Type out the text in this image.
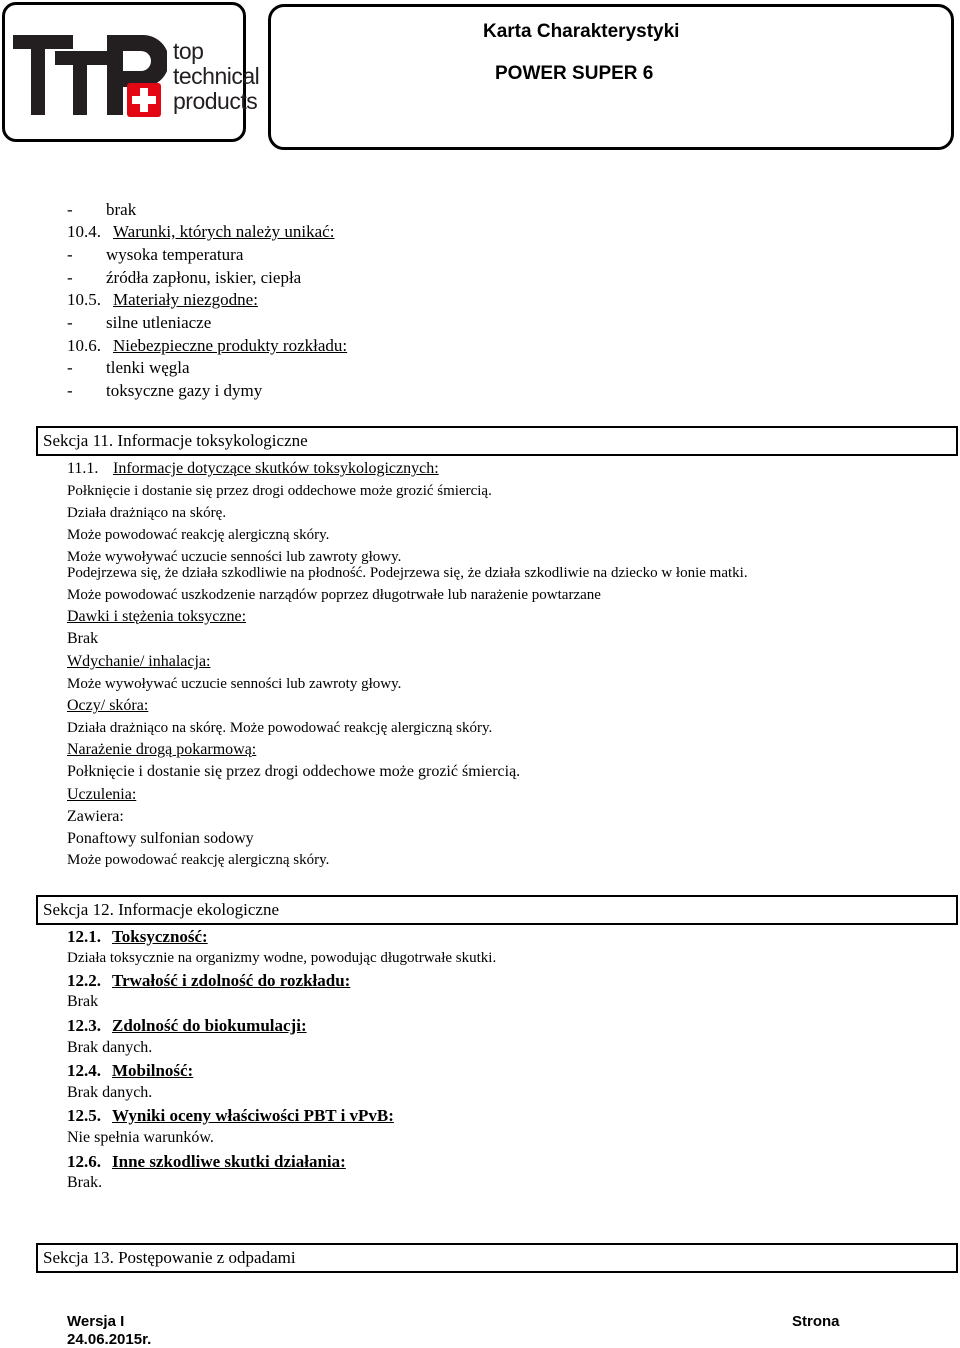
top
technical
products
Karta Charakterystyki
POWER SUPER 6
- brak
10.4. Warunki, których należy unikać:
- wysoka temperatura
- źródła zapłonu, iskier, ciepła
10.5. Materiały niezgodne:
- silne utleniacze
10.6. Niebezpieczne produkty rozkładu:
- tlenki węgla
- toksyczne gazy i dymy
Sekcja 11. Informacje toksykologiczne
11.1. Informacje dotyczące skutków toksykologicznych:
Połknięcie i dostanie się przez drogi oddechowe może grozić śmiercią.
Działa drażniąco na skórę.
Może powodować reakcję alergiczną skóry.
Może wywoływać uczucie senności lub zawroty głowy.
Podejrzewa się, że działa szkodliwie na płodność. Podejrzewa się, że działa szkodliwie na dziecko w łonie matki.
Może powodować uszkodzenie narządów poprzez długotrwałe lub narażenie powtarzane
Dawki i stężenia toksyczne:
Brak
Wdychanie/ inhalacja:
Może wywoływać uczucie senności lub zawroty głowy.
Oczy/ skóra:
Działa drażniąco na skórę. Może powodować reakcję alergiczną skóry.
Narażenie drogą pokarmową:
Połknięcie i dostanie się przez drogi oddechowe może grozić śmiercią.
Uczulenia:
Zawiera:
Ponaftowy sulfonian sodowy
Może powodować reakcję alergiczną skóry.
Sekcja 12. Informacje ekologiczne
12.1. Toksyczność:
Działa toksycznie na organizmy wodne, powodując długotrwałe skutki.
12.2. Trwałość i zdolność do rozkładu:
Brak
12.3. Zdolność do biokumulacji:
Brak danych.
12.4. Mobilność:
Brak danych.
12.5. Wyniki oceny właściwości PBT i vPvB:
Nie spełnia warunków.
12.6. Inne szkodliwe skutki działania:
Brak.
Sekcja 13. Postępowanie z odpadami
Wersja I
24.06.2015r.
Strona
